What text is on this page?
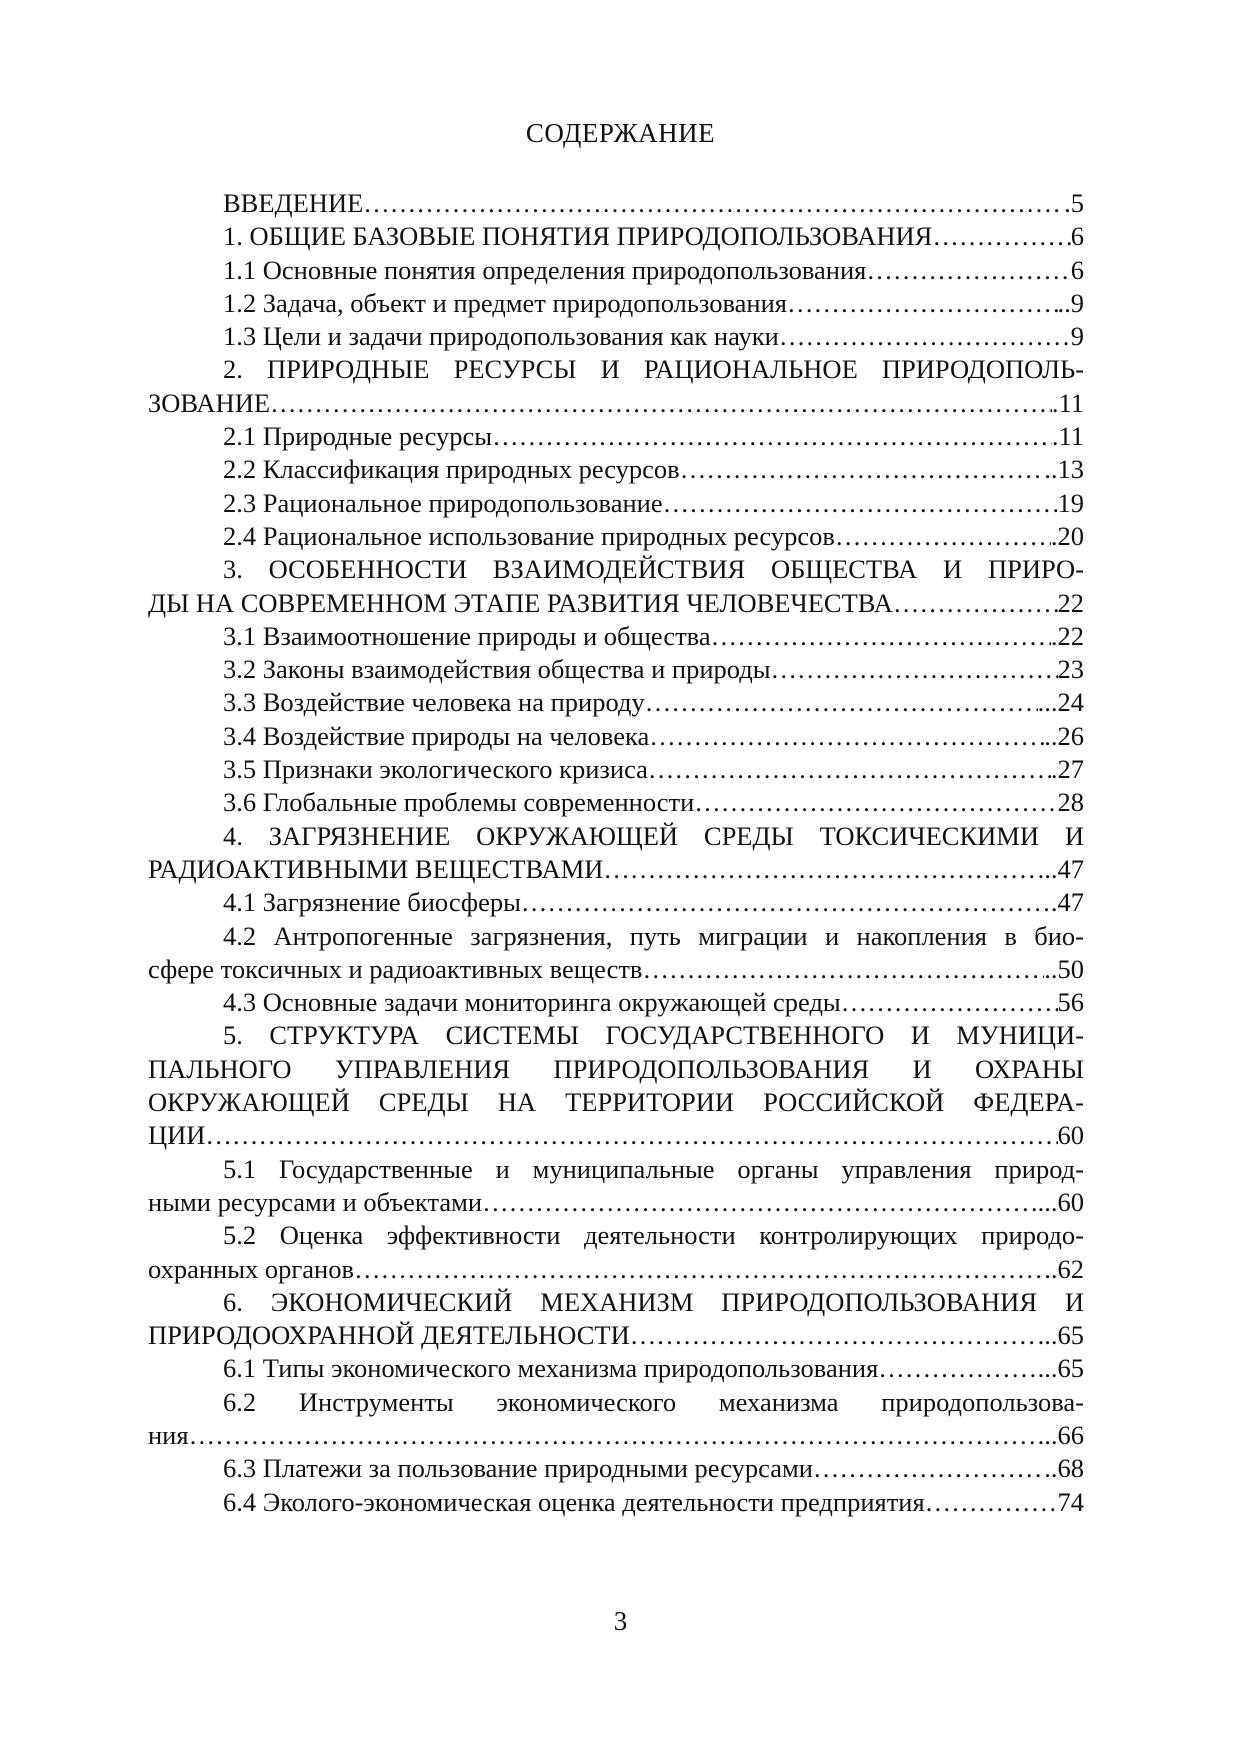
СОДЕРЖАНИЕ
ВВЕДЕНИЕ …………………………………………………………………………………………………………………………………………………………………………………………………………………………………………	.5
1. ОБЩИЕ БАЗОВЫЕ ПОНЯТИЯ ПРИРОДОПОЛЬЗОВАНИЯ …………………………………………………………………………………………………………………………………………………………………………………………………………………………………………	6
1.1 Основные понятия определения природопользования …………………………………………………………………………………………………………………………………………………………………………………………………………………………………………	6
1.2 Задача, объект и предмет природопользования …………………………………………………………………………………………………………………………………………………………………………………………………………………………………………	..9
1.3 Цели и задачи природопользования как науки …………………………………………………………………………………………………………………………………………………………………………………………………………………………………………	9
2. ПРИРОДНЫЕ РЕСУРСЫ И РАЦИОНАЛЬНОЕ ПРИРОДОПОЛЬ-
ЗОВАНИЕ …………………………………………………………………………………………………………………………………………………………………………………………………………………………………………	.11
2.1 Природные ресурсы …………………………………………………………………………………………………………………………………………………………………………………………………………………………………………	.11
2.2 Классификация природных ресурсов …………………………………………………………………………………………………………………………………………………………………………………………………………………………………………	..13
2.3 Рациональное природопользование …………………………………………………………………………………………………………………………………………………………………………………………………………………………………………	19
2.4 Рациональное использование природных ресурсов …………………………………………………………………………………………………………………………………………………………………………………………………………………………………………	.20
3. ОСОБЕННОСТИ ВЗАИМОДЕЙСТВИЯ ОБЩЕСТВА И ПРИРО-
ДЫ НА СОВРЕМЕННОМ ЭТАПЕ РАЗВИТИЯ ЧЕЛОВЕЧЕСТВА …………………………………………………………………………………………………………………………………………………………………………………………………………………………………………	22
3.1 Взаимоотношение природы и общества …………………………………………………………………………………………………………………………………………………………………………………………………………………………………………	.22
3.2 Законы взаимодействия общества и природы …………………………………………………………………………………………………………………………………………………………………………………………………………………………………………	23
3.3 Воздействие человека на природу …………………………………………………………………………………………………………………………………………………………………………………………………………………………………………	...24
3.4 Воздействие природы на человека …………………………………………………………………………………………………………………………………………………………………………………………………………………………………………	..26
3.5 Признаки экологического кризиса …………………………………………………………………………………………………………………………………………………………………………………………………………………………………………	.27
3.6 Глобальные проблемы современности …………………………………………………………………………………………………………………………………………………………………………………………………………………………………………	28
4. ЗАГРЯЗНЕНИЕ ОКРУЖАЮЩЕЙ СРЕДЫ ТОКСИЧЕСКИМИ И
РАДИОАКТИВНЫМИ ВЕЩЕСТВАМИ …………………………………………………………………………………………………………………………………………………………………………………………………………………………………………	...47
4.1 Загрязнение биосферы …………………………………………………………………………………………………………………………………………………………………………………………………………………………………………	.47
4.2 Антропогенные загрязнения, путь миграции и накопления в био-
сфере токсичных и радиоактивных веществ …………………………………………………………………………………………………………………………………………………………………………………………………………………………………………	..50
4.3 Основные задачи мониторинга окружающей среды …………………………………………………………………………………………………………………………………………………………………………………………………………………………………………	56
5. СТРУКТУРА СИСТЕМЫ ГОСУДАРСТВЕННОГО И МУНИЦИ-
ПАЛЬНОГО УПРАВЛЕНИЯ ПРИРОДОПОЛЬЗОВАНИЯ И ОХРАНЫ
ОКРУЖАЮЩЕЙ СРЕДЫ НА ТЕРРИТОРИИ РОССИЙСКОЙ ФЕДЕРА-
ЦИИ …………………………………………………………………………………………………………………………………………………………………………………………………………………………………………	60
5.1 Государственные и муниципальные органы управления природ-
ными ресурсами и объектами …………………………………………………………………………………………………………………………………………………………………………………………………………………………………………	...60
5.2 Оценка эффективности деятельности контролирующих природо-
охранных органов …………………………………………………………………………………………………………………………………………………………………………………………………………………………………………	..62
6. ЭКОНОМИЧЕСКИЙ МЕХАНИЗМ ПРИРОДОПОЛЬЗОВАНИЯ И
ПРИРОДООХРАННОЙ ДЕЯТЕЛЬНОСТИ …………………………………………………………………………………………………………………………………………………………………………………………………………………………………………	...65
6.1 Типы экономического механизма природопользования …………………………………………………………………………………………………………………………………………………………………………………………………………………………………………	...65
6.2 Инструменты экономического механизма природопользова-
ния …………………………………………………………………………………………………………………………………………………………………………………………………………………………………………	...66
6.3 Платежи за пользование природными ресурсами …………………………………………………………………………………………………………………………………………………………………………………………………………………………………………	..68
6.4 Эколого-экономическая оценка деятельности предприятия …………………………………………………………………………………………………………………………………………………………………………………………………………………………………………	74
3
